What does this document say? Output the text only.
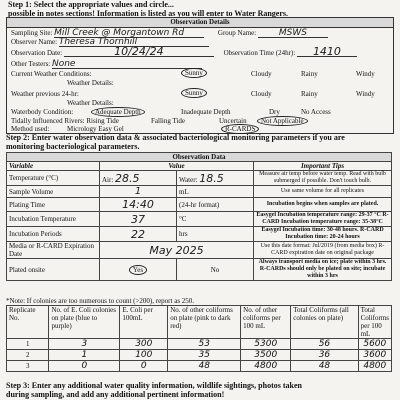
Step 1: Select the appropriate values and circle...
possible in notes sections! Information is listed as you will enter to Water Rangers.
Observation Details
Sampling Site: Mill Creek @ Morgantown Rd	Group Name:	MSWS
Observer Name: Theresa Thornhill
Observation Date:	10/24/24	Observation Time (24hr): 1410
Other Testers: None
Current Weather Conditions:	Sunny	Cloudy	Rainy	Windy
Weather Details:
Weather previous 24-hr:	Sunny	Cloudy	Rainy	Windy
Weather Details:
Waterbody Condition:	Adequate Depth	Inadequate Depth	Dry	No Access
Tidally Influenced Rivers: Rising Tide	Falling Tide	Uncertain	Not Applicable
Method used:	Micrology Easy Gel	R-CARDS
Step 2: Enter water observation data & associated bacteriological monitoring parameters if you are
monitoring bacteriological parameters.
Observation Data			
Variable	Value		Important Tips
Temperature (°C)	Air: 28.5	Water: 18.5	Measure air temp before water temp. Read with bulb submerged if possible. Don't touch bulb.
Sample Volume	1	mL	Use same volume for all replicates
Plating Time	14:40	(24-hr format)	Incubation begins when samples are plated.
Incubation Temperature	37	°C	Easygel Incubation temperature range: 29-37 °C R-CARD Incubation temperature range: 35-38°C
Incubation Periods	22	hrs	Easygel Incubation time: 30-48 hours. R-CARD Incubation time: 20-24 hours
Media or R-CARD Expiration Date	May 2025		Use this date format: Jul/2019 (from media box) R-CARD expiration date on original package
Plated onsite	Yes	No	Always transport media on ice; plate within 3 hrs. R-CARDs should only be plated on site; incubate within 3 hrs
*Note: If colonies are too numerous to count (>200), report as 250.
Replicate No.	No. of E. Coli colonies on plate (blue to purple)	E. Coli per 100mL	No. of other coliforms on plate (pink to dark red)	No. of other coliforms per 100 mL	Total Coliforms (all colonies on plate)	Total Coliforms per 100 mL
1	3	300	53	5300	56	5600
2	1	100	35	3500	36	3600
3	0	0	48	4800	48	4800
Step 3: Enter any additional water quality information, wildlife sightings, photos taken
during sampling, and add any additional pertinent information!
